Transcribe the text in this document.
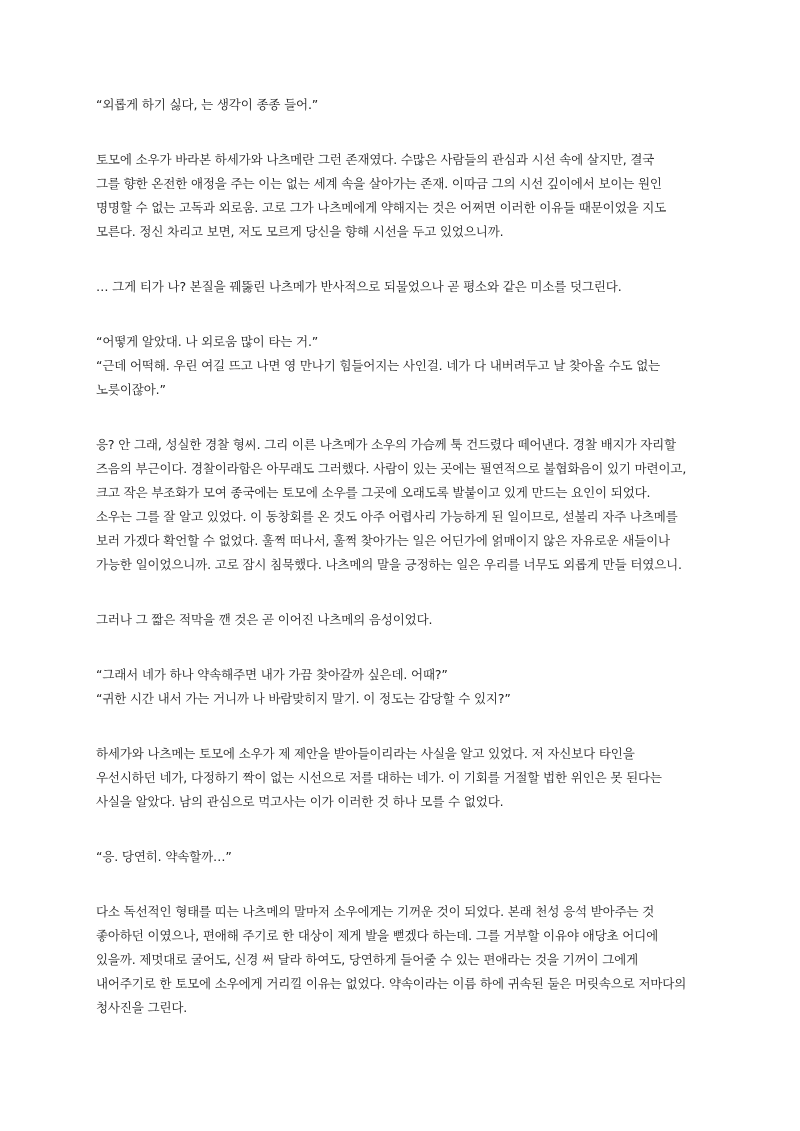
“외롭게 하기 싫다, 는 생각이 종종 들어.”
토모에 소우가 바라본 하세가와 나츠메란 그런 존재였다. 수많은 사람들의 관심과 시선 속에 살지만, 결국
그를 향한 온전한 애정을 주는 이는 없는 세계 속을 살아가는 존재. 이따금 그의 시선 깊이에서 보이는 원인
명명할 수 없는 고독과 외로움. 고로 그가 나츠메에게 약해지는 것은 어쩌면 이러한 이유들 때문이었을 지도
모른다. 정신 차리고 보면, 저도 모르게 당신을 향해 시선을 두고 있었으니까.
… 그게 티가 나? 본질을 꿰뚫린 나츠메가 반사적으로 되물었으나 곧 평소와 같은 미소를 덧그린다.
“어떻게 알았대. 나 외로움 많이 타는 거.”
“근데 어떡해. 우린 여길 뜨고 나면 영 만나기 힘들어지는 사인걸. 네가 다 내버려두고 날 찾아올 수도 없는
노릇이잖아.”
응? 안 그래, 성실한 경찰 형씨. 그리 이른 나츠메가 소우의 가슴께 툭 건드렸다 떼어낸다. 경찰 배지가 자리할
즈음의 부근이다. 경찰이라함은 아무래도 그러했다. 사람이 있는 곳에는 필연적으로 불협화음이 있기 마련이고,
크고 작은 부조화가 모여 종국에는 토모에 소우를 그곳에 오래도록 발붙이고 있게 만드는 요인이 되었다.
소우는 그를 잘 알고 있었다. 이 동창회를 온 것도 아주 어렵사리 가능하게 된 일이므로, 섣불리 자주 나츠메를
보러 가겠다 확언할 수 없었다. 훌쩍 떠나서, 훌쩍 찾아가는 일은 어딘가에 얽매이지 않은 자유로운 새들이나
가능한 일이었으니까. 고로 잠시 침묵했다. 나츠메의 말을 긍정하는 일은 우리를 너무도 외롭게 만들 터였으니.
그러나 그 짧은 적막을 깬 것은 곧 이어진 나츠메의 음성이었다.
“그래서 네가 하나 약속해주면 내가 가끔 찾아갈까 싶은데. 어때?”
“귀한 시간 내서 가는 거니까 나 바람맞히지 말기. 이 정도는 감당할 수 있지?”
하세가와 나츠메는 토모에 소우가 제 제안을 받아들이리라는 사실을 알고 있었다. 저 자신보다 타인을
우선시하던 네가, 다정하기 짝이 없는 시선으로 저를 대하는 네가. 이 기회를 거절할 법한 위인은 못 된다는
사실을 알았다. 남의 관심으로 먹고사는 이가 이러한 것 하나 모를 수 없었다.
“응. 당연히. 약속할까…”
다소 독선적인 형태를 띠는 나츠메의 말마저 소우에게는 기꺼운 것이 되었다. 본래 천성 응석 받아주는 것
좋아하던 이였으나, 편애해 주기로 한 대상이 제게 발을 뻗겠다 하는데. 그를 거부할 이유야 애당초 어디에
있을까. 제멋대로 굴어도, 신경 써 달라 하여도, 당연하게 들어줄 수 있는 편애라는 것을 기꺼이 그에게
내어주기로 한 토모에 소우에게 거리낄 이유는 없었다. 약속이라는 이름 하에 귀속된 둘은 머릿속으로 저마다의
청사진을 그린다.
